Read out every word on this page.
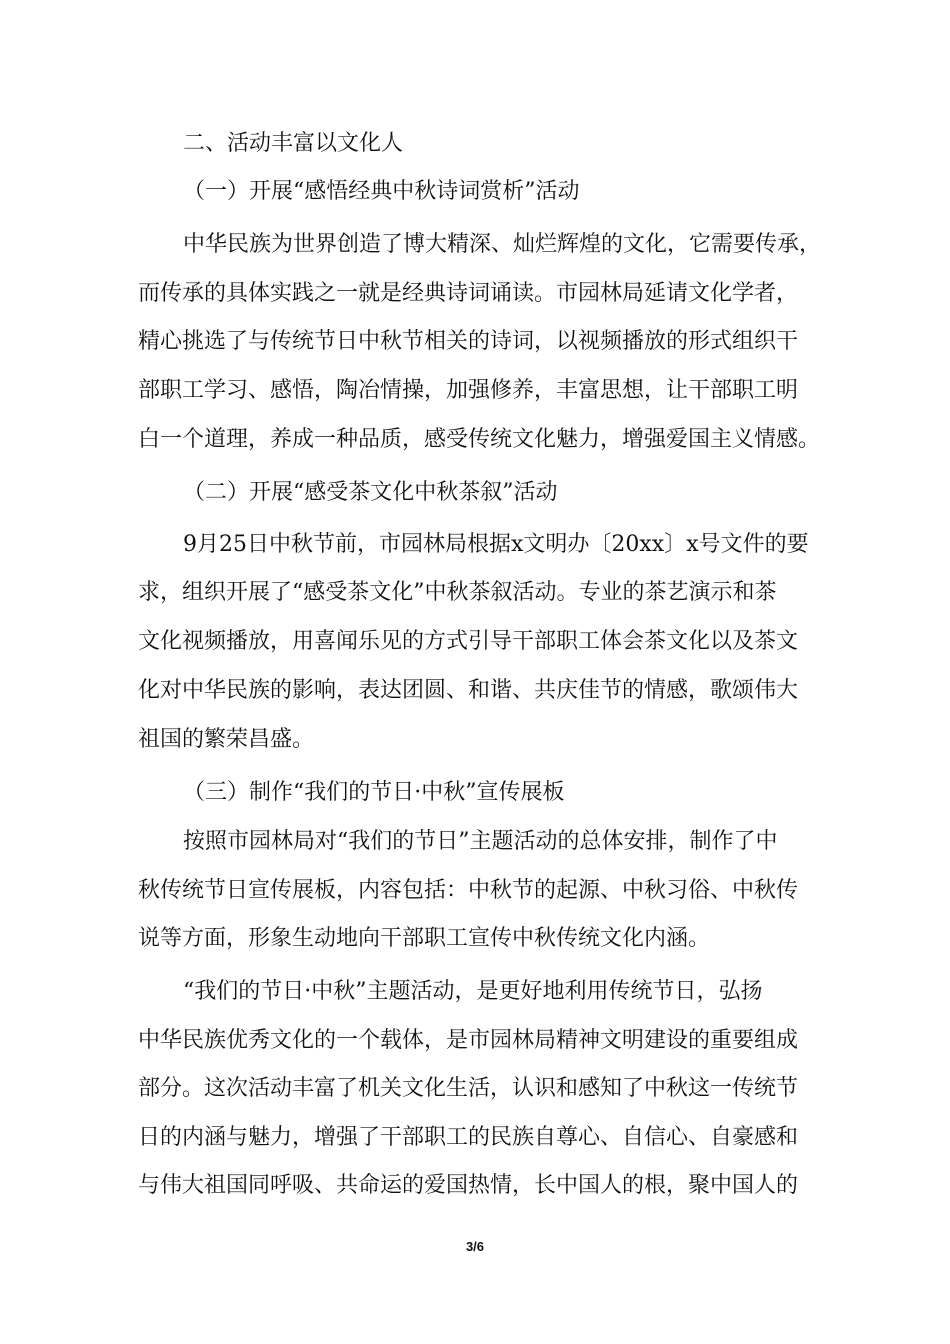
二、活动丰富以文化人
（一）开展“感悟经典中秋诗词赏析”活动
中华民族为世界创造了博大精深、灿烂辉煌的文化，它需要传承，
而传承的具体实践之一就是经典诗词诵读。市园林局延请文化学者，
精心挑选了与传统节日中秋节相关的诗词，以视频播放的形式组织干
部职工学习、感悟，陶冶情操，加强修养，丰富思想，让干部职工明
白一个道理，养成一种品质，感受传统文化魅力，增强爱国主义情感。
（二）开展“感受茶文化中秋茶叙”活动
9月25日中秋节前，市园林局根据x文明办〔20xx〕x号文件的要
求，组织开展了“感受茶文化”中秋茶叙活动。专业的茶艺演示和茶
文化视频播放，用喜闻乐见的方式引导干部职工体会茶文化以及茶文
化对中华民族的影响，表达团圆、和谐、共庆佳节的情感，歌颂伟大
祖国的繁荣昌盛。
（三）制作“我们的节日·中秋”宣传展板
按照市园林局对“我们的节日”主题活动的总体安排，制作了中
秋传统节日宣传展板，内容包括：中秋节的起源、中秋习俗、中秋传
说等方面，形象生动地向干部职工宣传中秋传统文化内涵。
“我们的节日·中秋”主题活动，是更好地利用传统节日，弘扬
中华民族优秀文化的一个载体，是市园林局精神文明建设的重要组成
部分。这次活动丰富了机关文化生活，认识和感知了中秋这一传统节
日的内涵与魅力，增强了干部职工的民族自尊心、自信心、自豪感和
与伟大祖国同呼吸、共命运的爱国热情，长中国人的根，聚中国人的
3/6
